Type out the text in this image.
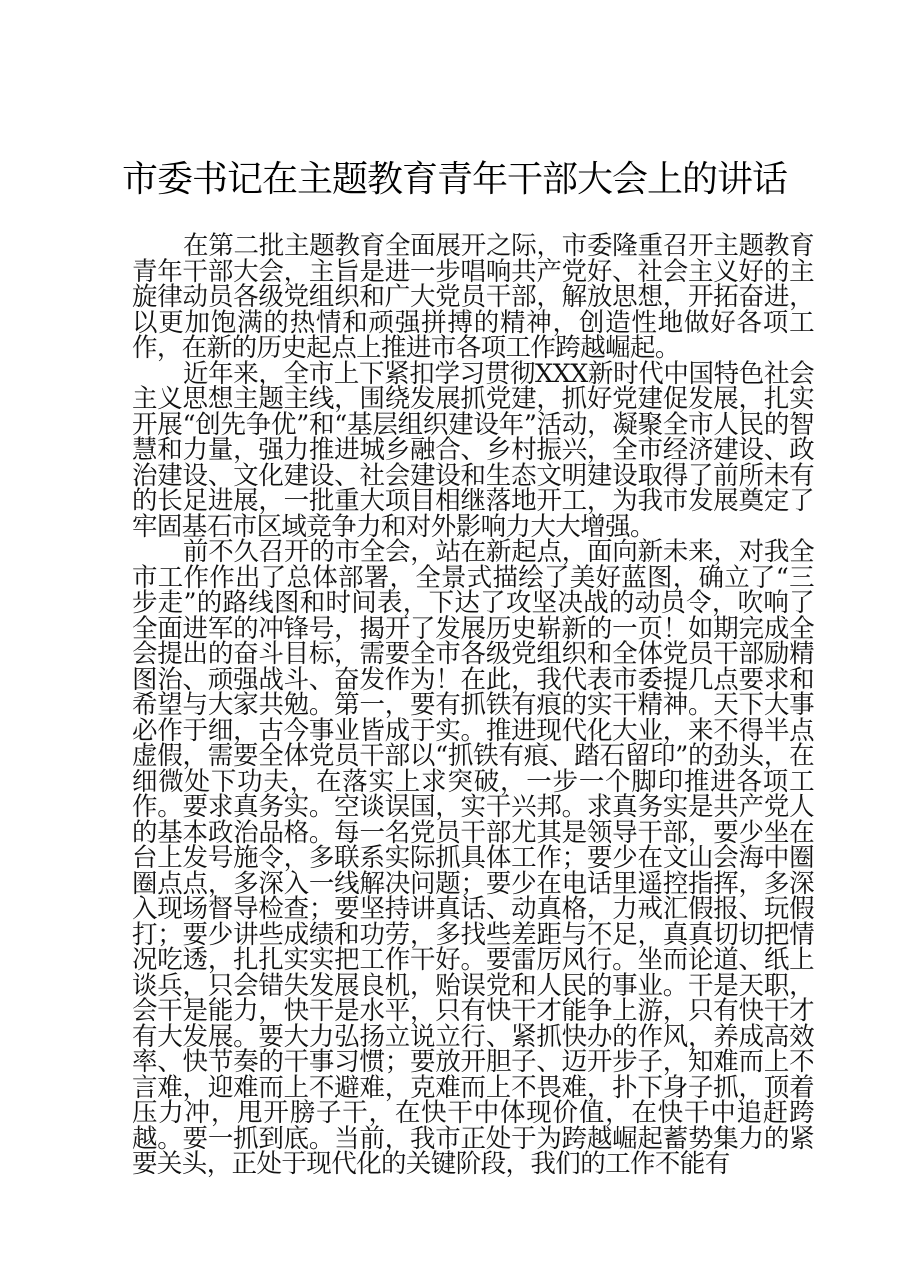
市委书记在主题教育青年干部大会上的讲话

在第二批主题教育全面展开之际，市委隆重召开主题教育青年干部大会，主旨是进一步唱响共产党好、社会主义好的主旋律动员各级党组织和广大党员干部，解放思想，开拓奋进，以更加饱满的热情和顽强拼搏的精神，创造性地做好各项工作，在新的历史起点上推进市各项工作跨越崛起。

近年来，全市上下紧扣学习贯彻XXX新时代中国特色社会主义思想主题主线，围绕发展抓党建，抓好党建促发展，扎实开展“创先争优”和“基层组织建设年”活动，凝聚全市人民的智慧和力量，强力推进城乡融合、乡村振兴，全市经济建设、政治建设、文化建设、社会建设和生态文明建设取得了前所未有的长足进展，一批重大项目相继落地开工，为我市发展奠定了牢固基石市区域竞争力和对外影响力大大增强。

前不久召开的市全会，站在新起点，面向新未来，对我全市工作作出了总体部署，全景式描绘了美好蓝图，确立了“三步走”的路线图和时间表，下达了攻坚决战的动员令，吹响了全面进军的冲锋号，揭开了发展历史崭新的一页！如期完成全会提出的奋斗目标，需要全市各级党组织和全体党员干部励精图治、顽强战斗、奋发作为！在此，我代表市委提几点要求和希望与大家共勉。第一，要有抓铁有痕的实干精神。天下大事必作于细，古今事业皆成于实。推进现代化大业，来不得半点虚假，需要全体党员干部以“抓铁有痕、踏石留印”的劲头，在细微处下功夫，在落实上求突破，一步一个脚印推进各项工作。要求真务实。空谈误国，实干兴邦。求真务实是共产党人的基本政治品格。每一名党员干部尤其是领导干部，要少坐在台上发号施令，多联系实际抓具体工作；要少在文山会海中圈圈点点，多深入一线解决问题；要少在电话里遥控指挥，多深入现场督导检查；要坚持讲真话、动真格，力戒汇假报、玩假打；要少讲些成绩和功劳，多找些差距与不足，真真切切把情况吃透，扎扎实实把工作干好。要雷厉风行。坐而论道、纸上谈兵，只会错失发展良机，贻误党和人民的事业。干是天职，会干是能力，快干是水平，只有快干才能争上游，只有快干才有大发展。要大力弘扬立说立行、紧抓快办的作风，养成高效率、快节奏的干事习惯；要放开胆子、迈开步子，知难而上不言难，迎难而上不避难，克难而上不畏难，扑下身子抓，顶着压力冲，甩开膀子干，在快干中体现价值，在快干中追赶跨越。要一抓到底。当前，我市正处于为跨越崛起蓄势集力的紧要关头，正处于现代化的关键阶段，我们的工作不能有
